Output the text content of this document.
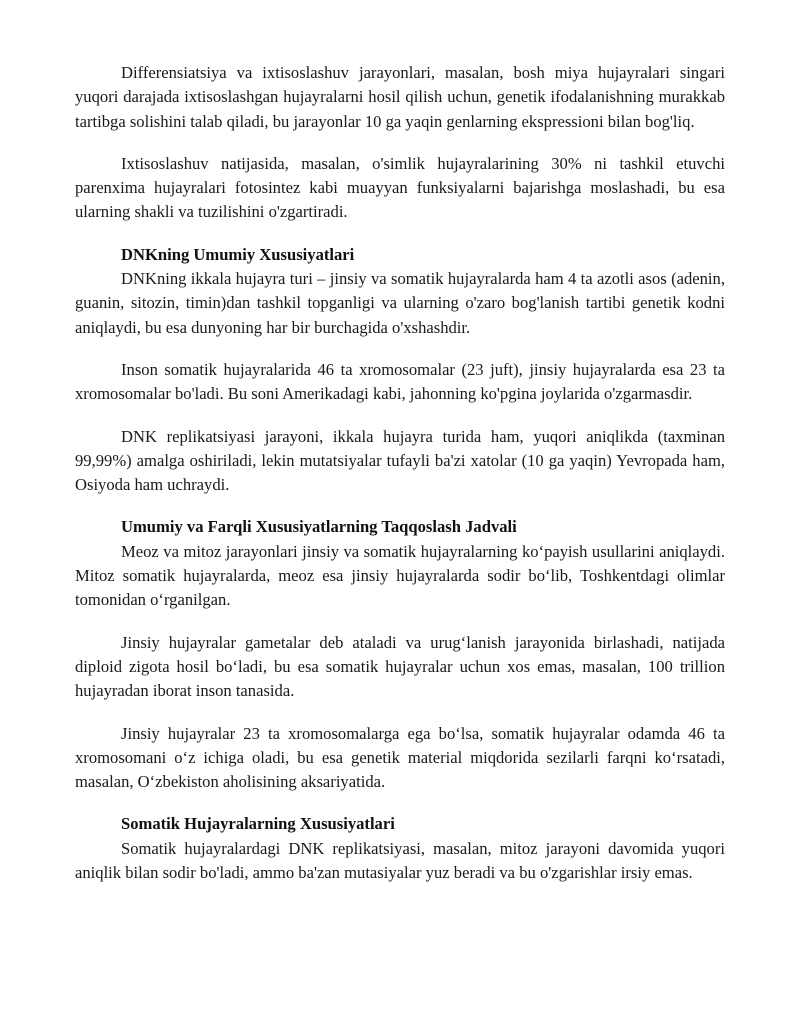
Differensiatsiya va ixtisoslashuv jarayonlari, masalan, bosh miya hujayralari singari yuqori darajada ixtisoslashgan hujayralarni hosil qilish uchun, genetik ifodalanishning murakkab tartibga solishini talab qiladi, bu jarayonlar 10 ga yaqin genlarning ekspressioni bilan bog'liq.

Ixtisoslashuv natijasida, masalan, o'simlik hujayralarining 30% ni tashkil etuvchi parenxima hujayralari fotosintez kabi muayyan funksiyalarni bajarishga moslashadi, bu esa ularning shakli va tuzilishini o'zgartiradi.

DNKning Umumiy Xususiyatlari

DNKning ikkala hujayra turi – jinsiy va somatik hujayralarda ham 4 ta azotli asos (adenin, guanin, sitozin, timin)dan tashkil topganligi va ularning o'zaro bog'lanish tartibi genetik kodni aniqlaydi, bu esa dunyoning har bir burchagida o'xshashdir.

Inson somatik hujayralarida 46 ta xromosomalar (23 juft), jinsiy hujayralarda esa 23 ta xromosomalar bo'ladi. Bu soni Amerikadagi kabi, jahonning ko'pgina joylarida o'zgarmasdir.

DNK replikatsiyasi jarayoni, ikkala hujayra turida ham, yuqori aniqlikda (taxminan 99,99%) amalga oshiriladi, lekin mutatsiyalar tufayli ba'zi xatolar (10 ga yaqin) Yevropada ham, Osiyoda ham uchraydi.

Umumiy va Farqli Xususiyatlarning Taqqoslash Jadvali

Meoz va mitoz jarayonlari jinsiy va somatik hujayralarning ko‘payish usullarini aniqlaydi. Mitoz somatik hujayralarda, meoz esa jinsiy hujayralarda sodir bo‘lib, Toshkentdagi olimlar tomonidan o‘rganilgan.

Jinsiy hujayralar gametalar deb ataladi va urug‘lanish jarayonida birlashadi, natijada diploid zigota hosil bo‘ladi, bu esa somatik hujayralar uchun xos emas, masalan, 100 trillion hujayradan iborat inson tanasida.

Jinsiy hujayralar 23 ta xromosomalarga ega bo‘lsa, somatik hujayralar odamda 46 ta xromosomani o‘z ichiga oladi, bu esa genetik material miqdorida sezilarli farqni ko‘rsatadi, masalan, O‘zbekiston aholisining aksariyatida.

Somatik Hujayralarning Xususiyatlari

Somatik hujayralardagi DNK replikatsiyasi, masalan, mitoz jarayoni davomida yuqori aniqlik bilan sodir bo'ladi, ammo ba'zan mutasiyalar yuz beradi va bu o'zgarishlar irsiy emas.
